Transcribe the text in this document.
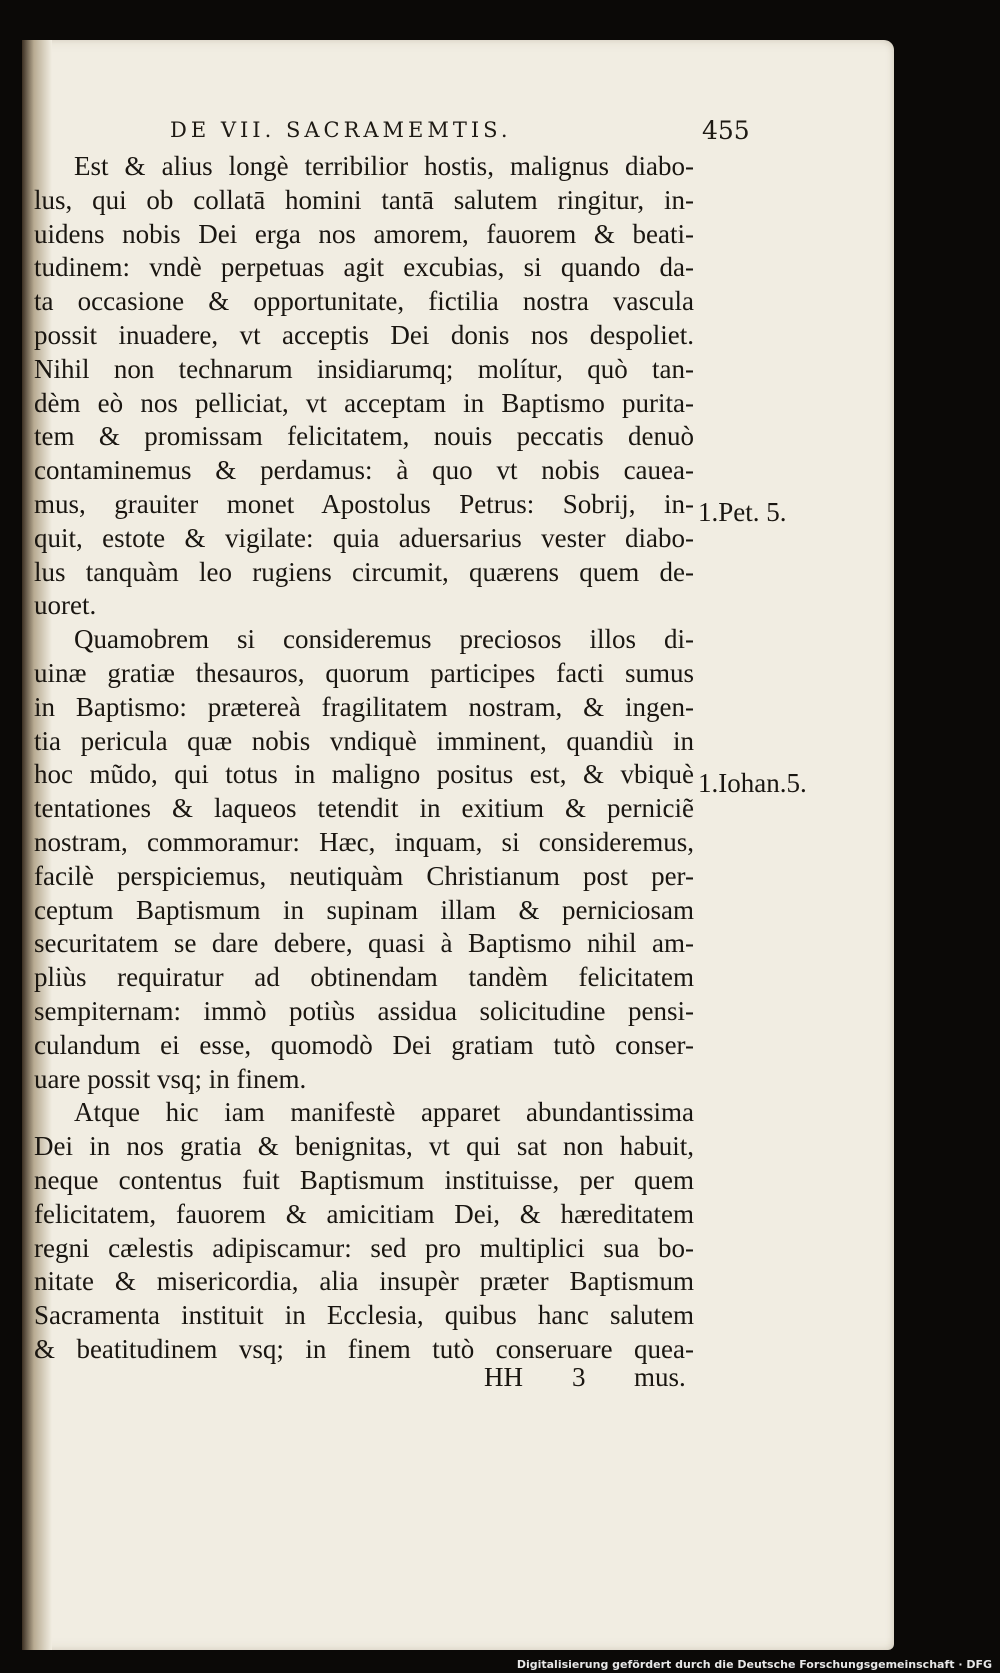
DE VII. SACRAMEMTIS.	455
Est & alius longè terribilior hostis, malignus diabo-
lus, qui ob collatā homini tantā salutem ringitur, in-
uidens nobis Dei erga nos amorem, fauorem & beati-
tudinem: vndè perpetuas agit excubias, si quando da-
ta occasione & opportunitate, fictilia nostra vascula
possit inuadere, vt acceptis Dei donis nos despoliet.
Nihil non technarum insidiarumq; molítur, quò tan-
dèm eò nos pelliciat, vt acceptam in Baptismo purita-
tem & promissam felicitatem, nouis peccatis denuò
contaminemus & perdamus: à quo vt nobis cauea-
mus, grauiter monet Apostolus Petrus: Sobrij, in-
quit, estote & vigilate: quia aduersarius vester diabo-
lus tanquàm leo rugiens circumit, quærens quem de-
uoret.
Quamobrem si consideremus preciosos illos di-
uinæ gratiæ thesauros, quorum participes facti sumus
in Baptismo: prætereà fragilitatem nostram, & ingen-
tia pericula quæ nobis vndiquè imminent, quandiù in
hoc mũdo, qui totus in maligno positus est, & vbiquè
tentationes & laqueos tetendit in exitium & perniciẽ
nostram, commoramur: Hæc, inquam, si consideremus,
facilè perspiciemus, neutiquàm Christianum post per-
ceptum Baptismum in supinam illam & perniciosam
securitatem se dare debere, quasi à Baptismo nihil am-
pliùs requiratur ad obtinendam tandèm felicitatem
sempiternam: immò potiùs assidua solicitudine pensi-
culandum ei esse, quomodò Dei gratiam tutò conser-
uare possit vsq; in finem.
Atque hic iam manifestè apparet abundantissima
Dei in nos gratia & benignitas, vt qui sat non habuit,
neque contentus fuit Baptismum instituisse, per quem
felicitatem, fauorem & amicitiam Dei, & hæreditatem
regni cælestis adipiscamur: sed pro multiplici sua bo-
nitate & misericordia, alia insupèr præter Baptismum
Sacramenta instituit in Ecclesia, quibus hanc salutem
& beatitudinem vsq; in finem tutò conseruare quea-
1.Pet. 5.
1.Iohan.5.
HH 3 mus.
Digitalisierung gefördert durch die Deutsche Forschungsgemeinschaft · DFG
